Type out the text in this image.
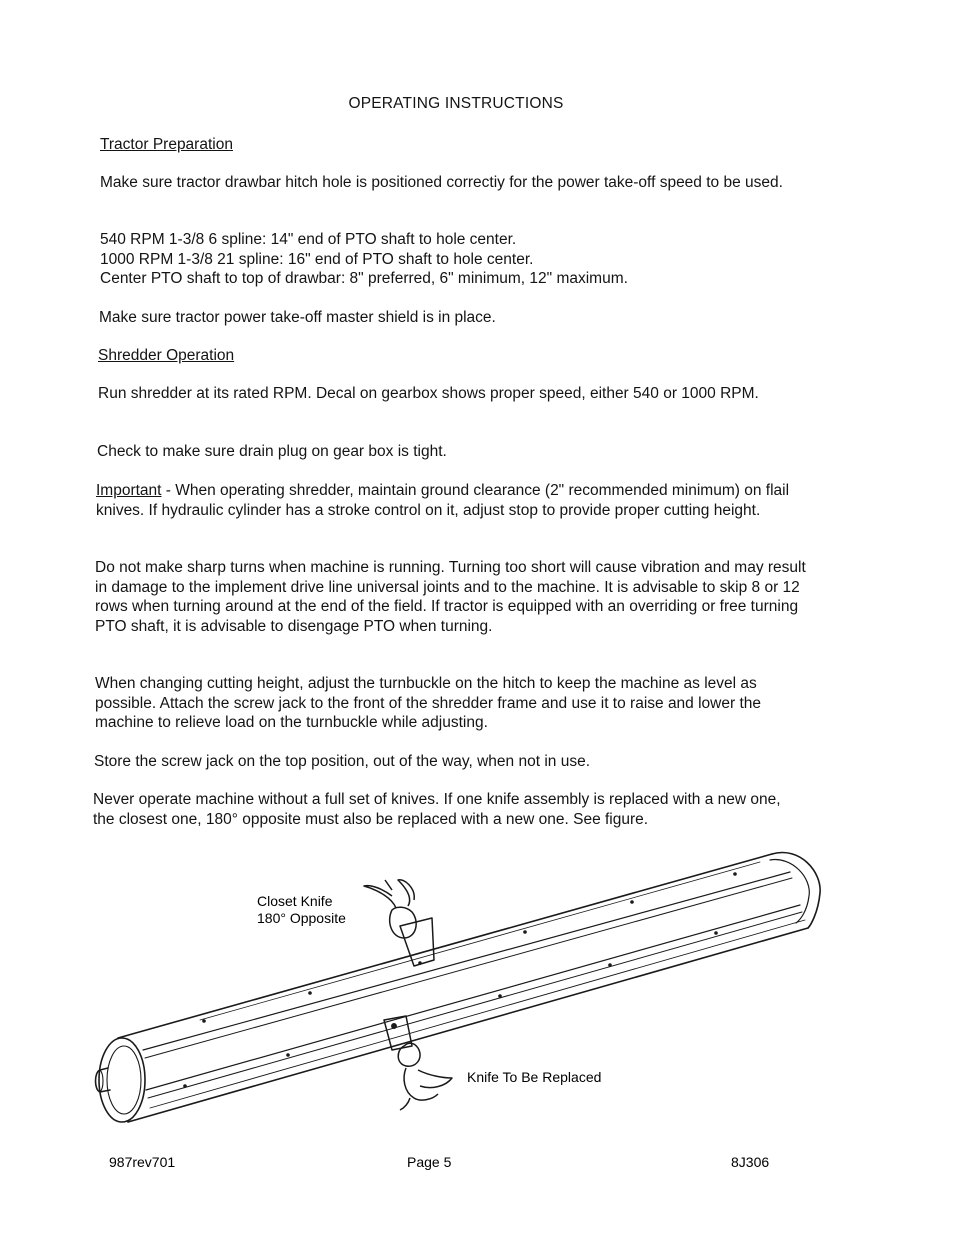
OPERATING INSTRUCTIONS
Tractor Preparation
Make sure tractor drawbar hitch hole is positioned correctiy for the power take-off speed to be used.
540 RPM 1-3/8 6 spline: 14" end of PTO shaft to hole center.
1000 RPM 1-3/8 21 spline: 16" end of PTO shaft to hole center.
Center PTO shaft to top of drawbar: 8" preferred, 6" minimum, 12" maximum.
Make sure tractor power take-off master shield is in place.
Shredder Operation
Run shredder at its rated RPM. Decal on gearbox shows proper speed, either 540 or 1000 RPM.
Check to make sure drain plug on gear box is tight.
Important - When operating shredder, maintain ground clearance (2" recommended minimum) on flail knives. If hydraulic cylinder has a stroke control on it, adjust stop to provide proper cutting height.
Do not make sharp turns when machine is running. Turning too short will cause vibration and may result in damage to the implement drive line universal joints and to the machine. It is advisable to skip 8 or 12 rows when turning around at the end of the field. If tractor is equipped with an overriding or free turning PTO shaft, it is advisable to disengage PTO when turning.
When changing cutting height, adjust the turnbuckle on the hitch to keep the machine as level as possible. Attach the screw jack to the front of the shredder frame and use it to raise and lower the machine to relieve load on the turnbuckle while adjusting.
Store the screw jack on the top position, out of the way, when not in use.
Never operate machine without a full set of knives. If one knife assembly is replaced with a new one, the closest one, 180° opposite must also be replaced with a new one. See figure.
Closet Knife
180° Opposite
Knife To Be Replaced
987rev701	Page 5	8J306
